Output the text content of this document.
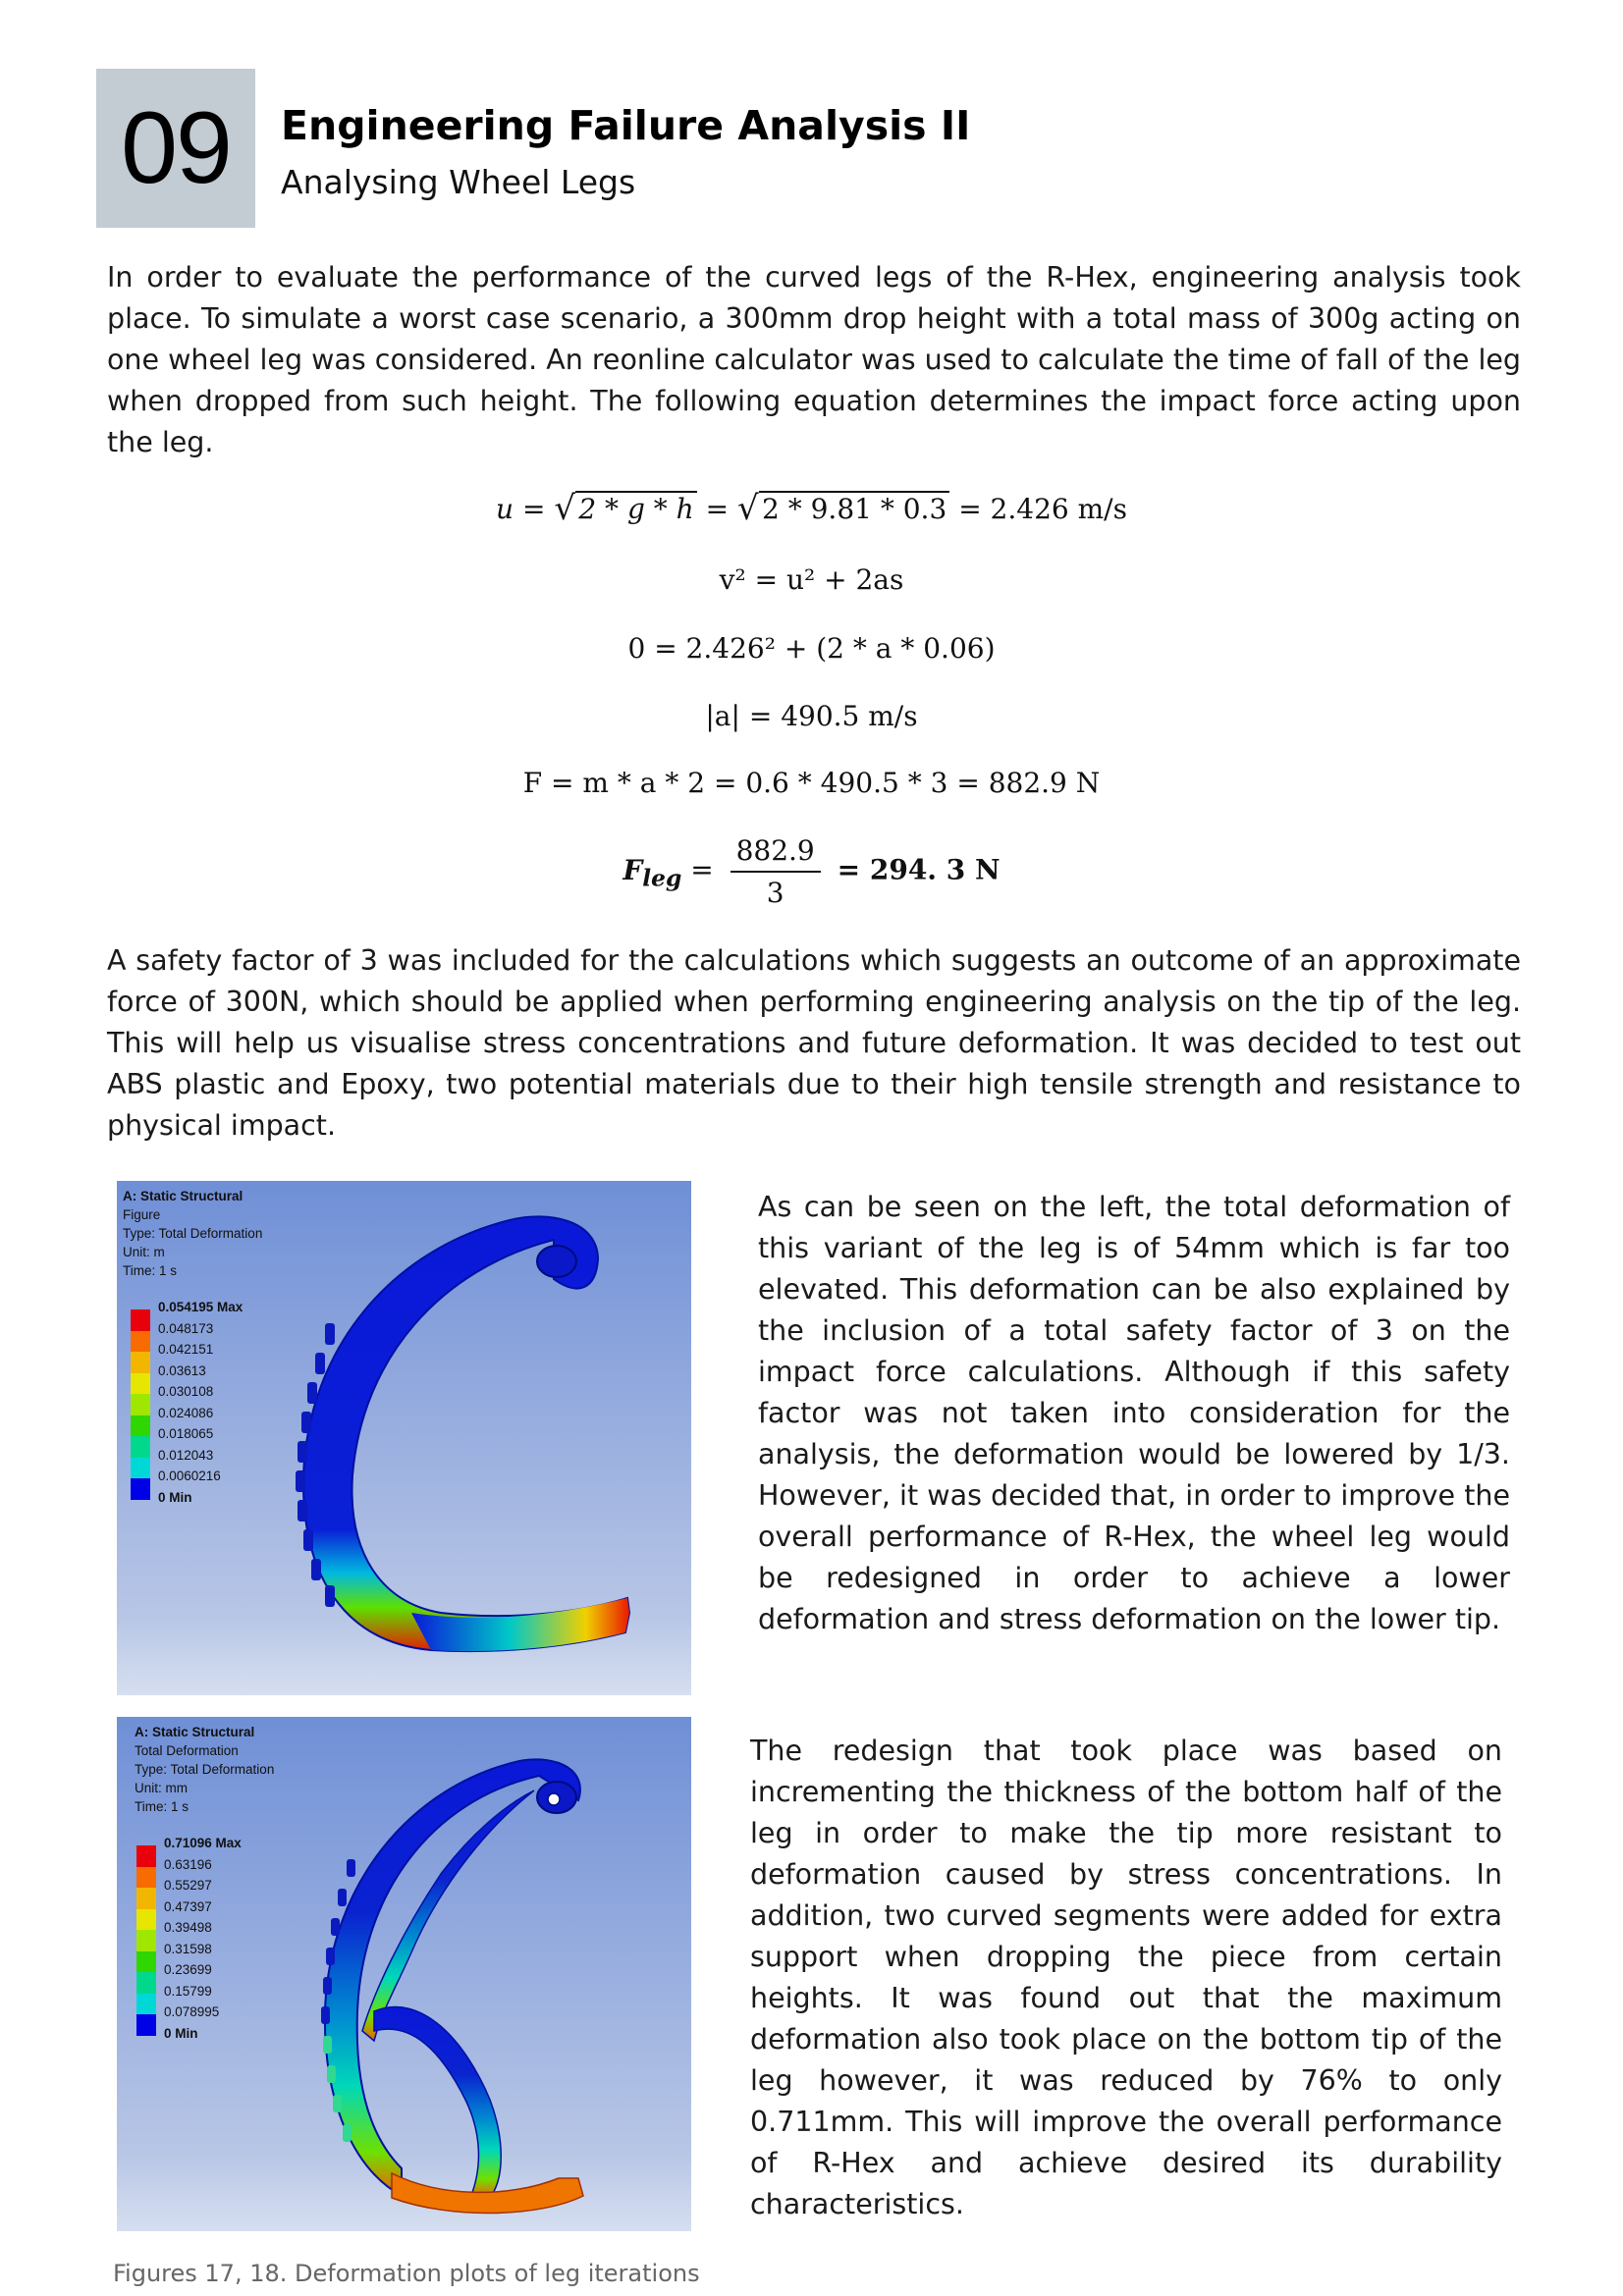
09 Engineering Failure Analysis II
Analysing Wheel Legs
In order to evaluate the performance of the curved legs of the R-Hex, engineering analysis took place. To simulate a worst case scenario, a 300mm drop height with a total mass of 300g acting on one wheel leg was considered. An reonline calculator was used to calculate the time of fall of the leg when dropped from such height. The following equation determines the impact force acting upon the leg.
u = √ 2 * g * h = √ 2 * 9.81 * 0.3 = 2.426 m/s
v² = u² + 2as
0 = 2.426² + (2 * a * 0.06)
|a| = 490.5 m/s
F = m * a * 2 = 0.6 * 490.5 * 3 = 882.9 N
$F_{leg} = \frac{882.9}{3} = 294$. 3 N
A safety factor of 3 was included for the calculations which suggests an outcome of an approximate force of 300N, which should be applied when performing engineering analysis on the tip of the leg. This will help us visualise stress concentrations and future deformation. It was decided to test out ABS plastic and Epoxy, two potential materials due to their high tensile strength and resistance to physical impact.
A: Static Structural
Figure
Type: Total Deformation
Unit: m
Time: 1 s
0.054195 Max
0.048173
0.042151
0.03613
0.030108
0.024086
0.018065
0.012043
0.0060216
0 Min
As can be seen on the left, the total deformation of this variant of the leg is of 54mm which is far too elevated. This deformation can be also explained by the inclusion of a total safety factor of 3 on the impact force calculations. Although if this safety factor was not taken into consideration for the analysis, the deformation would be lowered by 1/3. However, it was decided that, in order to improve the overall performance of R-Hex, the wheel leg would be redesigned in order to achieve a lower deformation and stress deformation on the lower tip.
A: Static Structural
Total Deformation
Type: Total Deformation
Unit: mm
Time: 1 s
0.71096 Max
0.63196
0.55297
0.47397
0.39498
0.31598
0.23699
0.15799
0.078995
0 Min
The redesign that took place was based on incrementing the thickness of the bottom half of the leg in order to make the tip more resistant to deformation caused by stress concentrations. In addition, two curved segments were added for extra support when dropping the piece from certain heights. It was found out that the maximum deformation also took place on the bottom tip of the leg however, it was reduced by 76% to only 0.711mm. This will improve the overall performance of R-Hex and achieve desired its durability characteristics.
Figures 17, 18. Deformation plots of leg iterations
